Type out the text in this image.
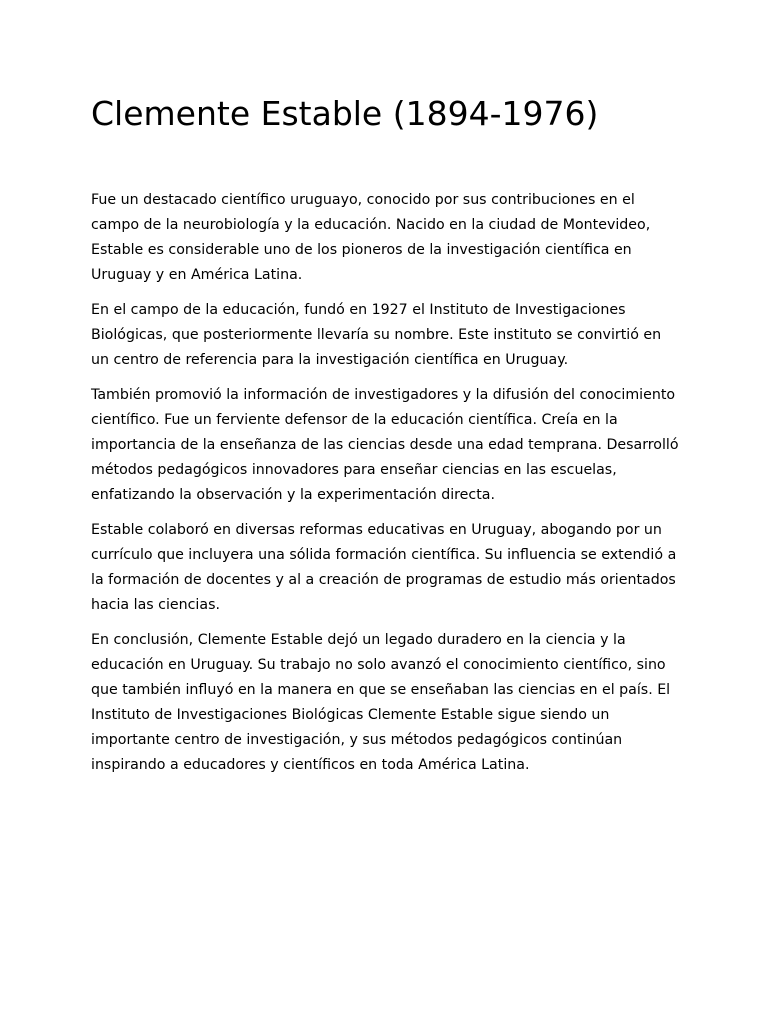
Clemente Estable (1894-1976)

Fue un destacado científico uruguayo, conocido por sus contribuciones en el campo de la neurobiología y la educación. Nacido en la ciudad de Montevideo, Estable es considerable uno de los pioneros de la investigación científica en Uruguay y en América Latina.

En el campo de la educación, fundó en 1927 el Instituto de Investigaciones Biológicas, que posteriormente llevaría su nombre. Este instituto se convirtió en un centro de referencia para la investigación científica en Uruguay.

También promovió la información de investigadores y la difusión del conocimiento científico. Fue un ferviente defensor de la educación científica. Creía en la importancia de la enseñanza de las ciencias desde una edad temprana. Desarrolló métodos pedagógicos innovadores para enseñar ciencias en las escuelas, enfatizando la observación y la experimentación directa.

Estable colaboró en diversas reformas educativas en Uruguay, abogando por un currículo que incluyera una sólida formación científica. Su influencia se extendió a la formación de docentes y al a creación de programas de estudio más orientados hacia las ciencias.

En conclusión, Clemente Estable dejó un legado duradero en la ciencia y la educación en Uruguay. Su trabajo no solo avanzó el conocimiento científico, sino que también influyó en la manera en que se enseñaban las ciencias en el país. El Instituto de Investigaciones Biológicas Clemente Estable sigue siendo un importante centro de investigación, y sus métodos pedagógicos continúan inspirando a educadores y científicos en toda América Latina.
